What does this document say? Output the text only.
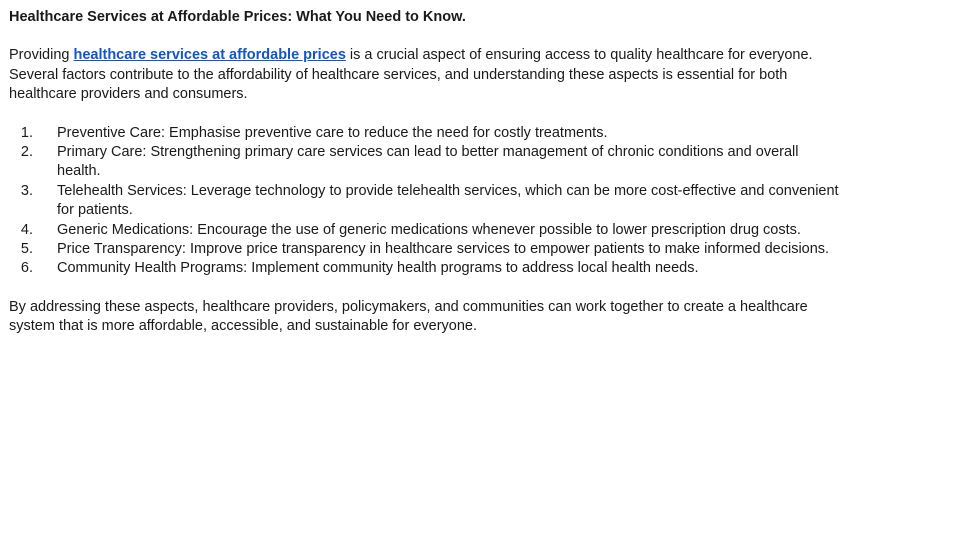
Healthcare Services at Affordable Prices: What You Need to Know.

Providing healthcare services at affordable prices is a crucial aspect of ensuring access to quality healthcare for everyone. Several factors contribute to the affordability of healthcare services, and understanding these aspects is essential for both healthcare providers and consumers.

1. Preventive Care: Emphasise preventive care to reduce the need for costly treatments.
2. Primary Care: Strengthening primary care services can lead to better management of chronic conditions and overall health.
3. Telehealth Services: Leverage technology to provide telehealth services, which can be more cost-effective and convenient for patients.
4. Generic Medications: Encourage the use of generic medications whenever possible to lower prescription drug costs.
5. Price Transparency: Improve price transparency in healthcare services to empower patients to make informed decisions.
6. Community Health Programs: Implement community health programs to address local health needs.

By addressing these aspects, healthcare providers, policymakers, and communities can work together to create a healthcare system that is more affordable, accessible, and sustainable for everyone.
